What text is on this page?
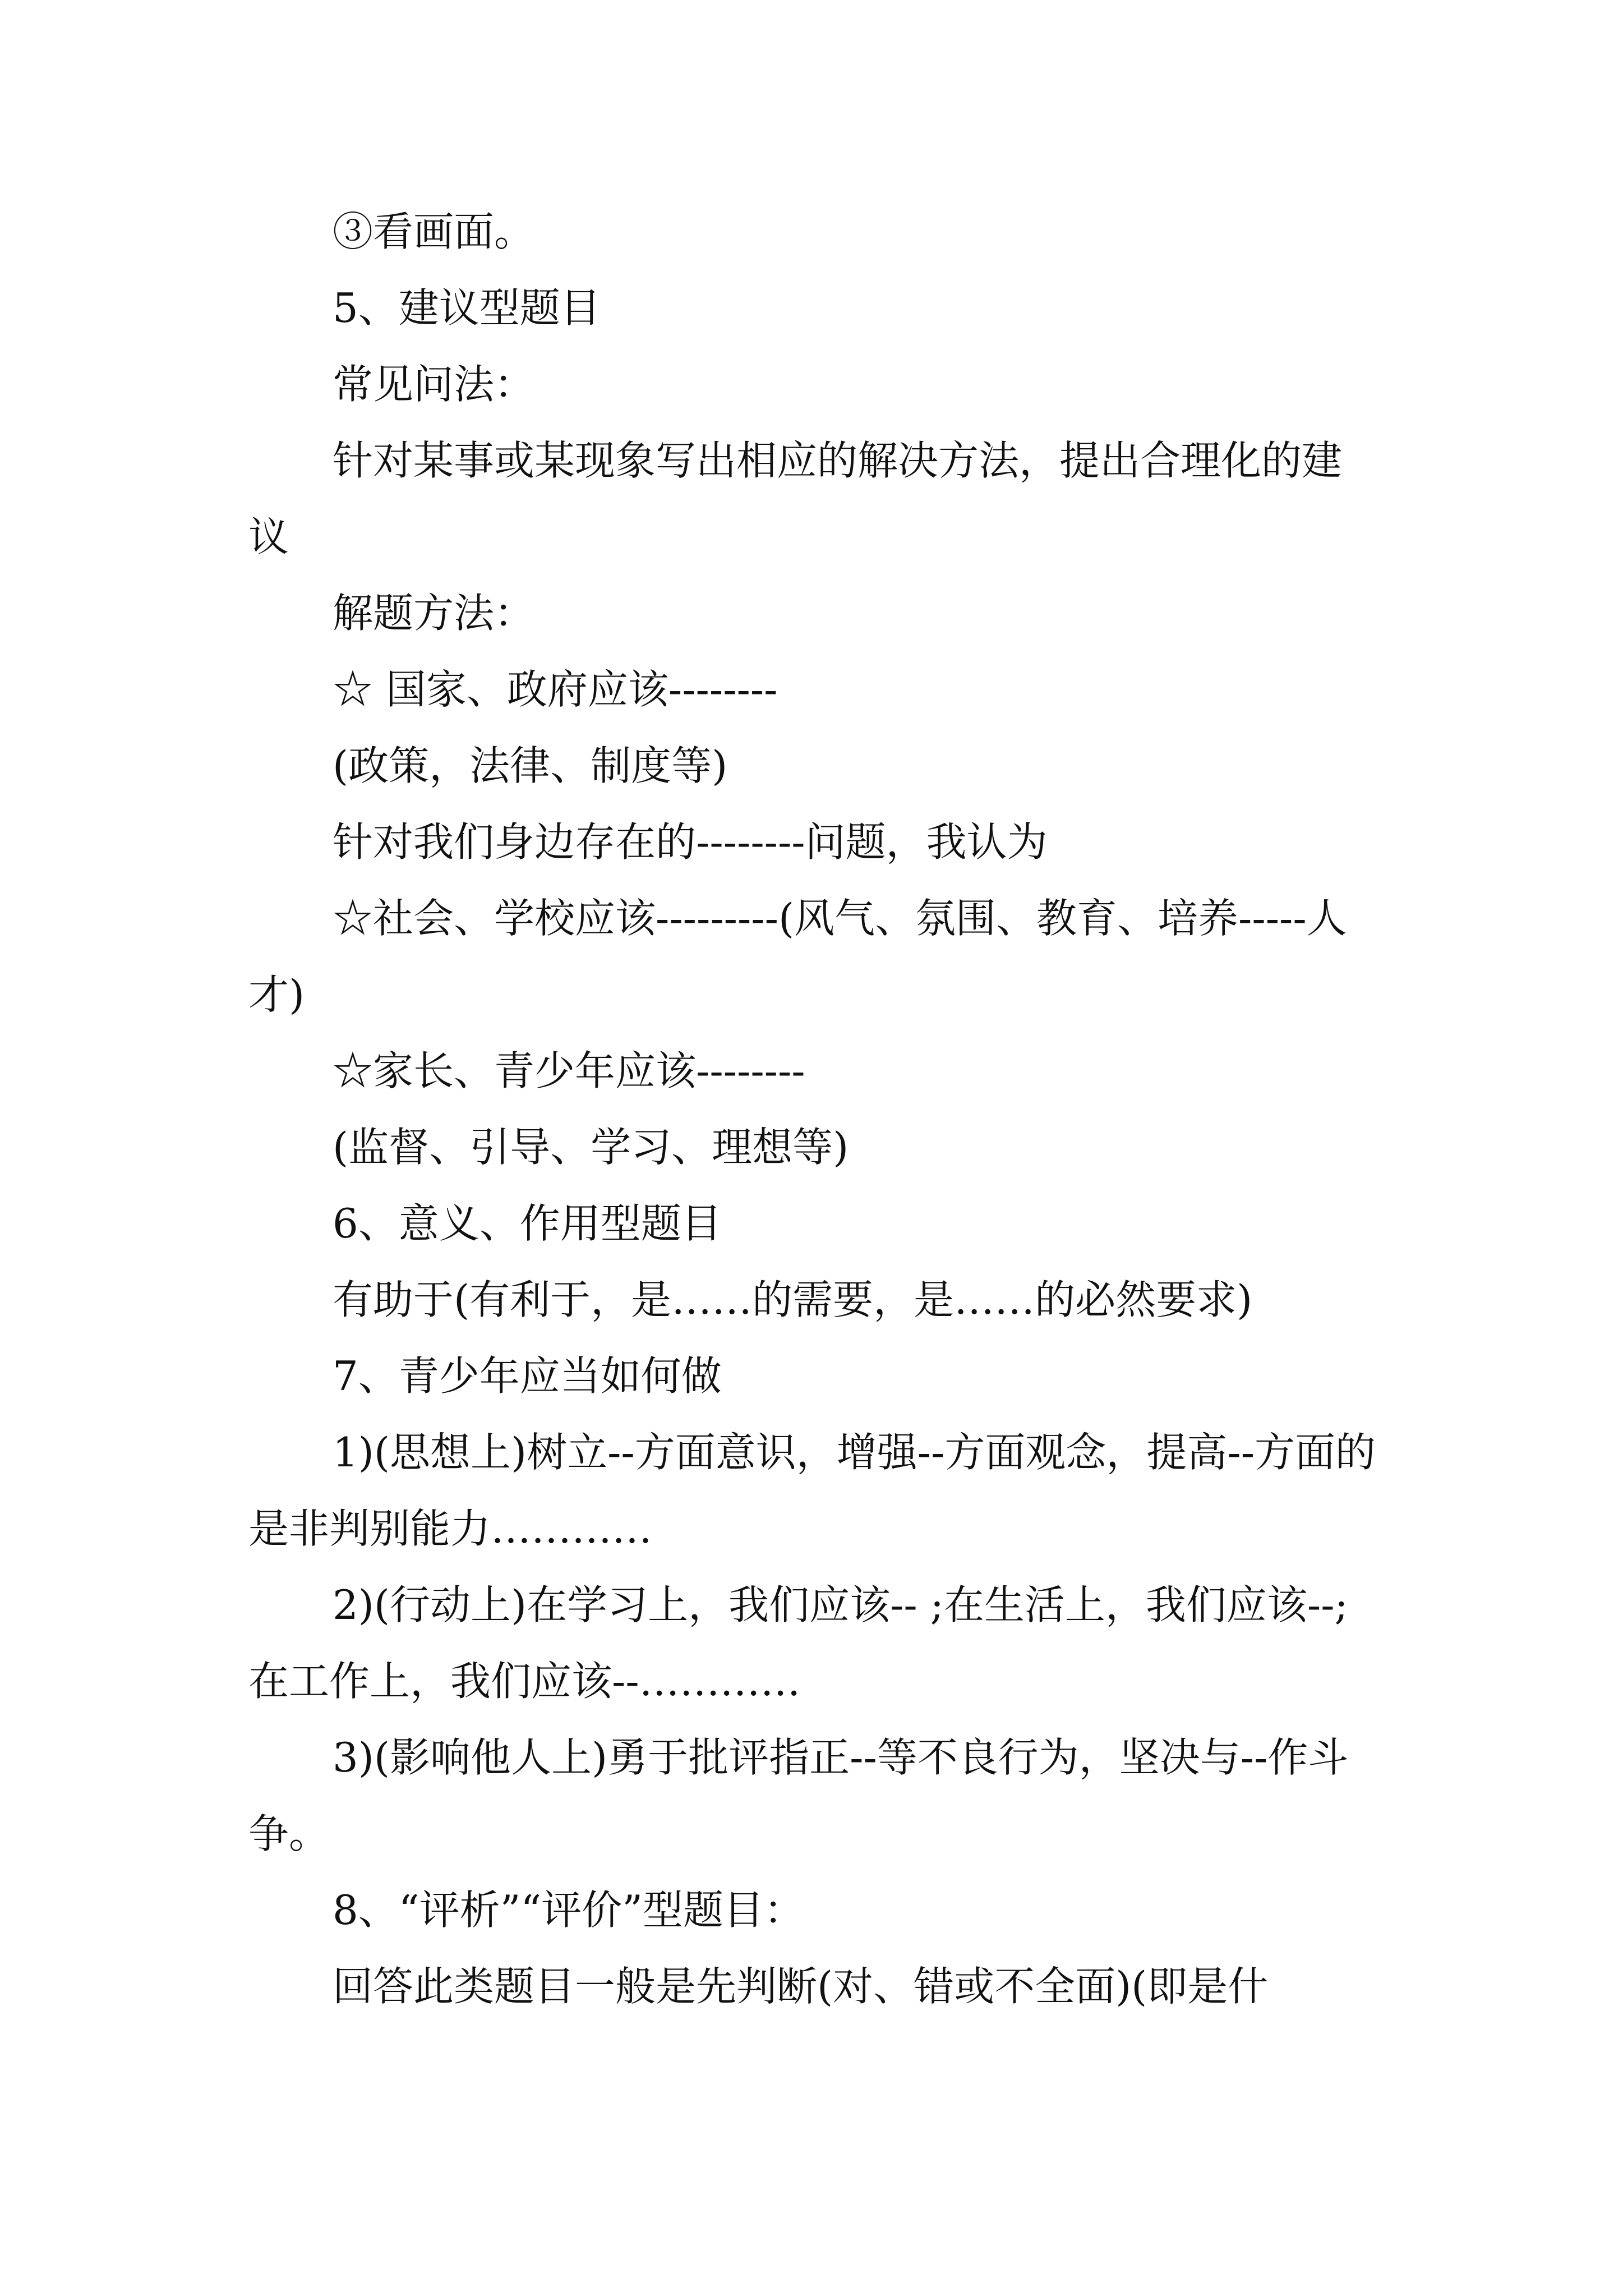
③看画面。

5、建议型题目

常见问法：

针对某事或某现象写出相应的解决方法，提出合理化的建议

解题方法：

☆ 国家、政府应该--------

(政策，法律、制度等)

针对我们身边存在的--------问题，我认为

☆社会、学校应该---------(风气、氛围、教育、培养-----人才)

☆家长、青少年应该--------

(监督、引导、学习、理想等)

6、意义、作用型题目

有助于(有利于，是……的需要，是……的必然要求)

7、青少年应当如何做

1)(思想上)树立--方面意识，增强--方面观念，提高--方面的是非判别能力…………

2)(行动上)在学习上，我们应该-- ;在生活上，我们应该--;在工作上，我们应该--…………

3)(影响他人上)勇于批评指正--等不良行为，坚决与--作斗争。

8、“评析”“评价”型题目：

回答此类题目一般是先判断(对、错或不全面)(即是什
